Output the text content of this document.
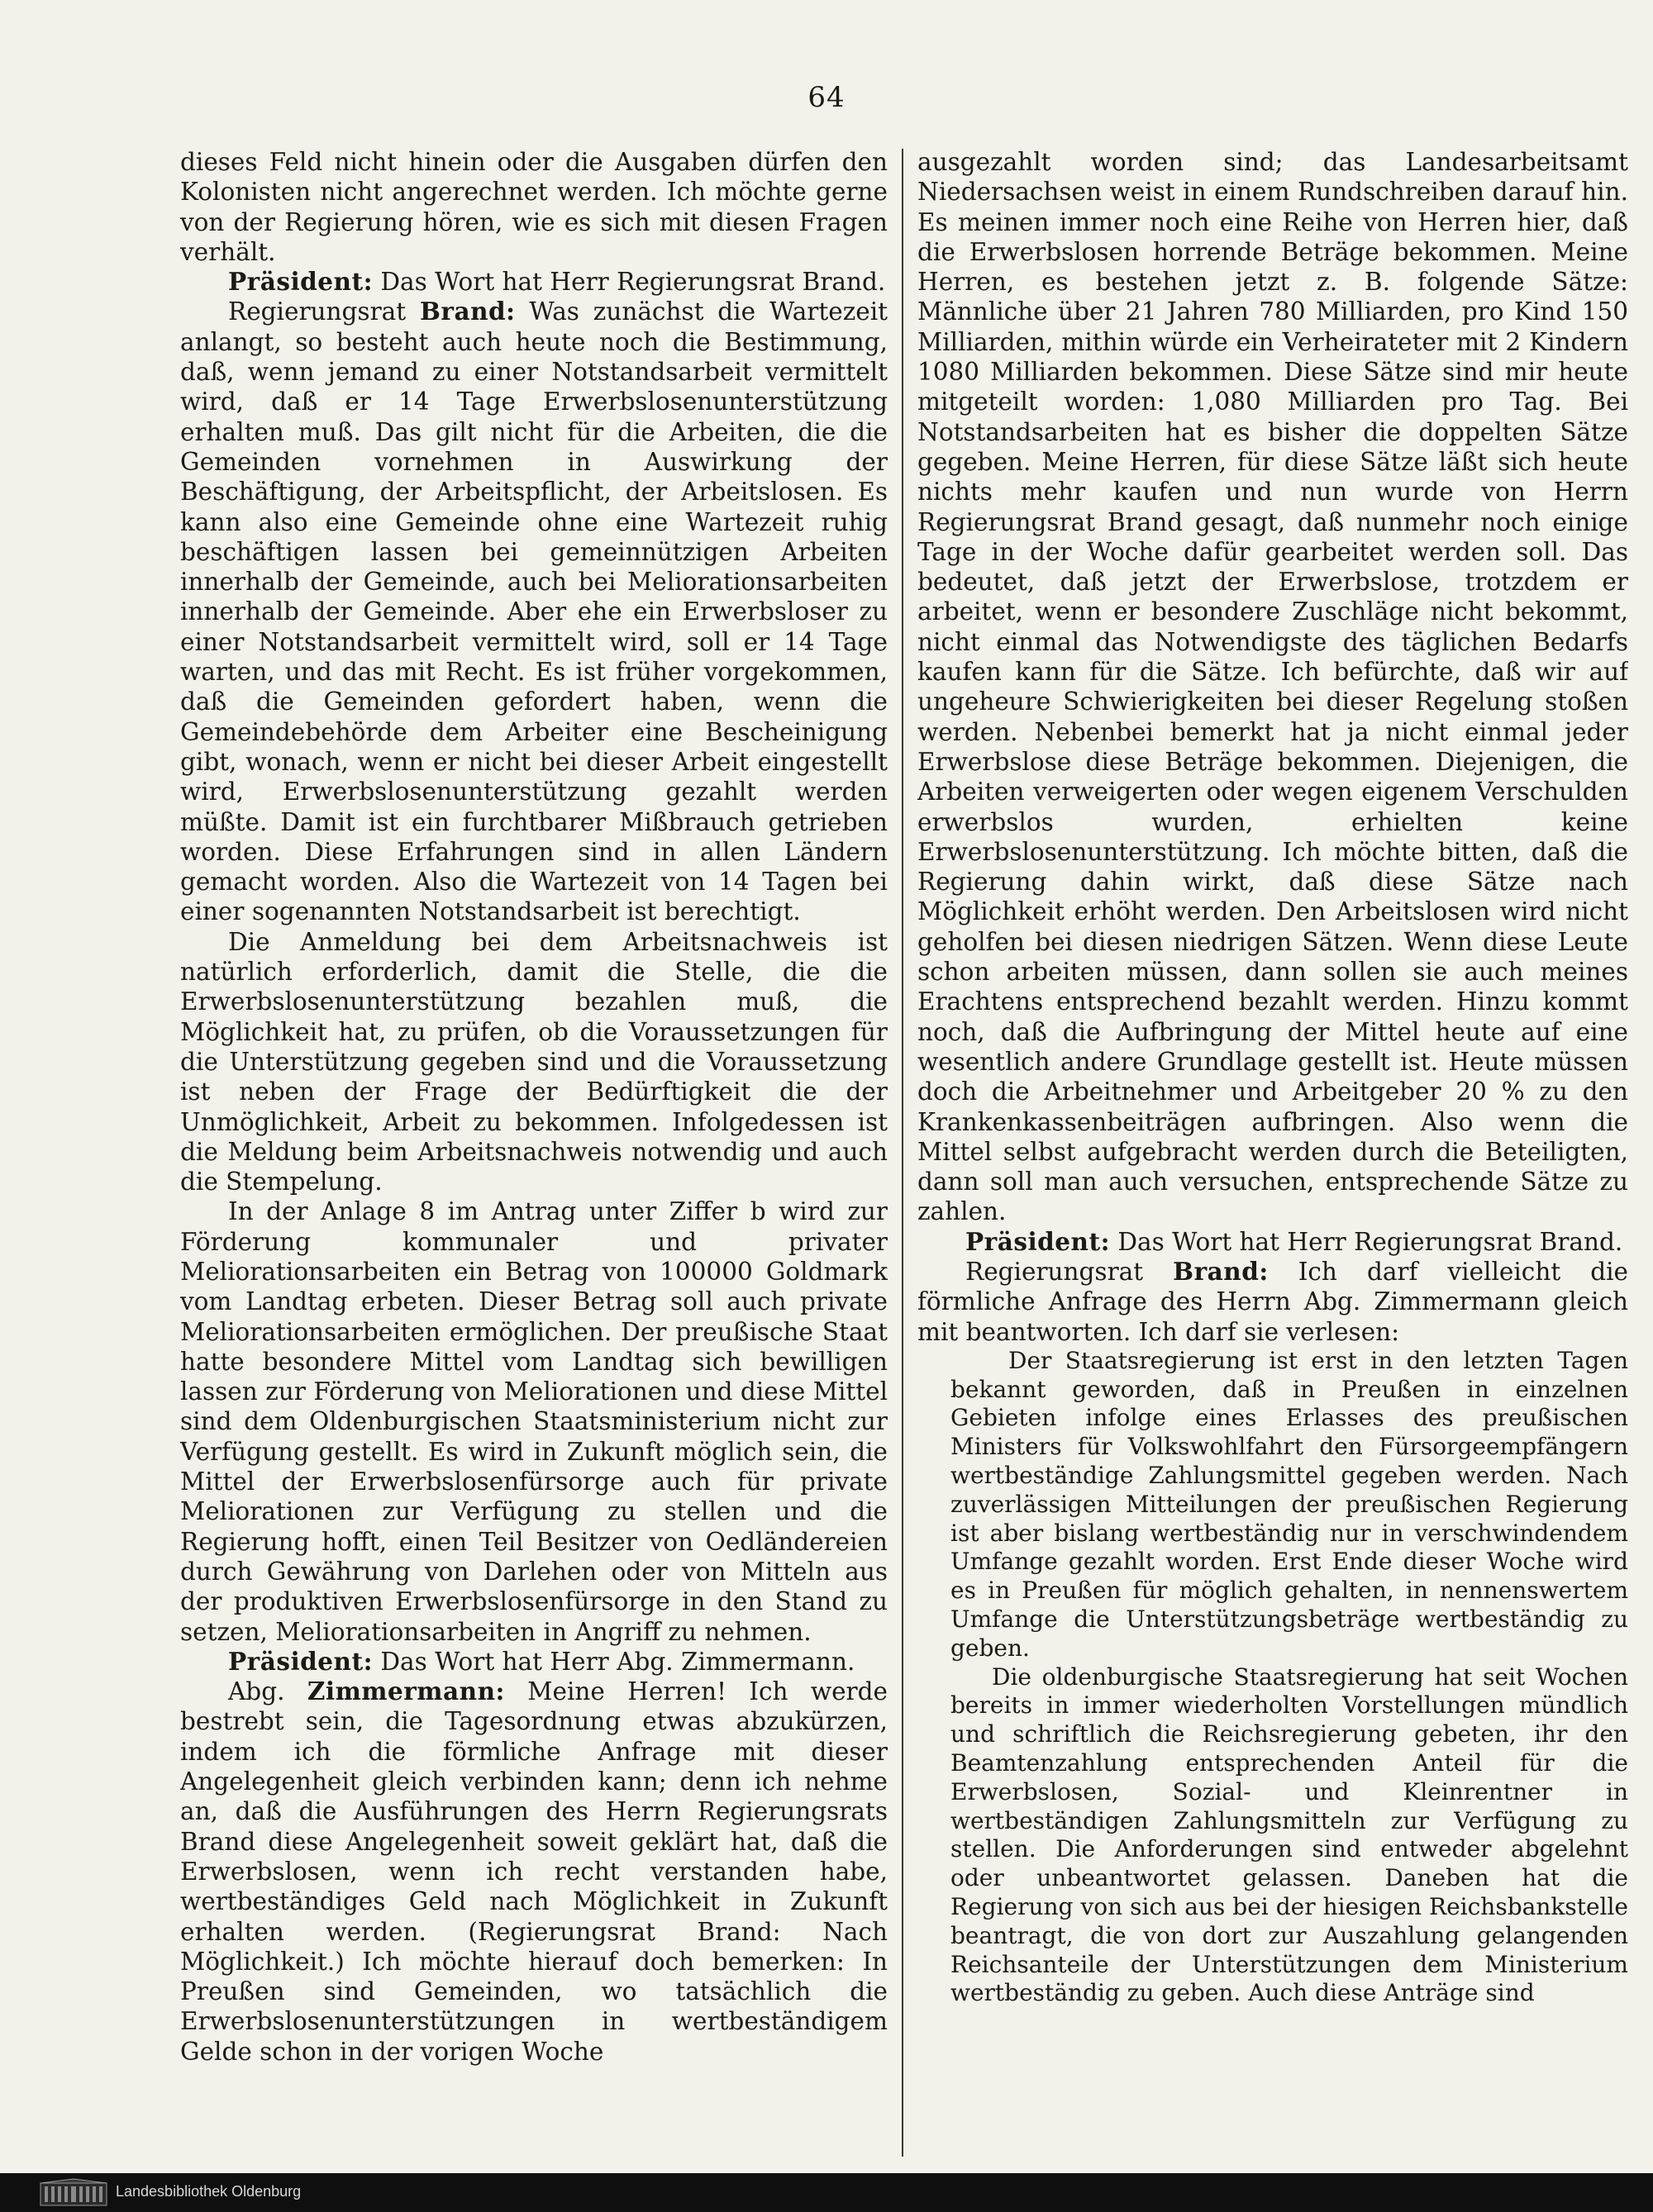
64

dieses Feld nicht hinein oder die Ausgaben dürfen den Kolonisten nicht angerechnet werden. Ich möchte gerne von der Regierung hören, wie es sich mit diesen Fragen verhält.

Präsident: Das Wort hat Herr Regierungsrat Brand.

Regierungsrat Brand: Was zunächst die Wartezeit anlangt, so besteht auch heute noch die Bestimmung, daß, wenn jemand zu einer Notstandsarbeit vermittelt wird, daß er 14 Tage Erwerbslosenunterstützung erhalten muß. Das gilt nicht für die Arbeiten, die die Gemeinden vornehmen in Auswirkung der Beschäftigung, der Arbeitspflicht, der Arbeitslosen. Es kann also eine Gemeinde ohne eine Wartezeit ruhig beschäftigen lassen bei gemeinnützigen Arbeiten innerhalb der Gemeinde, auch bei Meliorationsarbeiten innerhalb der Gemeinde. Aber ehe ein Erwerbsloser zu einer Notstandsarbeit vermittelt wird, soll er 14 Tage warten, und das mit Recht. Es ist früher vorgekommen, daß die Gemeinden gefordert haben, wenn die Gemeindebehörde dem Arbeiter eine Bescheinigung gibt, wonach, wenn er nicht bei dieser Arbeit eingestellt wird, Erwerbslosenunterstützung gezahlt werden müßte. Damit ist ein furchtbarer Mißbrauch getrieben worden. Diese Erfahrungen sind in allen Ländern gemacht worden. Also die Wartezeit von 14 Tagen bei einer sogenannten Notstandsarbeit ist berechtigt.

Die Anmeldung bei dem Arbeitsnachweis ist natürlich erforderlich, damit die Stelle, die die Erwerbslosenunterstützung bezahlen muß, die Möglichkeit hat, zu prüfen, ob die Voraussetzungen für die Unterstützung gegeben sind und die Voraussetzung ist neben der Frage der Bedürftigkeit die der Unmöglichkeit, Arbeit zu bekommen. Infolgedessen ist die Meldung beim Arbeitsnachweis notwendig und auch die Stempelung.

In der Anlage 8 im Antrag unter Ziffer b wird zur Förderung kommunaler und privater Meliorationsarbeiten ein Betrag von 100000 Goldmark vom Landtag erbeten. Dieser Betrag soll auch private Meliorationsarbeiten ermöglichen. Der preußische Staat hatte besondere Mittel vom Landtag sich bewilligen lassen zur Förderung von Meliorationen und diese Mittel sind dem Oldenburgischen Staatsministerium nicht zur Verfügung gestellt. Es wird in Zukunft möglich sein, die Mittel der Erwerbslosenfürsorge auch für private Meliorationen zur Verfügung zu stellen und die Regierung hofft, einen Teil Besitzer von Oedländereien durch Gewährung von Darlehen oder von Mitteln aus der produktiven Erwerbslosenfürsorge in den Stand zu setzen, Meliorationsarbeiten in Angriff zu nehmen.

Präsident: Das Wort hat Herr Abg. Zimmermann.

Abg. Zimmermann: Meine Herren! Ich werde bestrebt sein, die Tagesordnung etwas abzukürzen, indem ich die förmliche Anfrage mit dieser Angelegenheit gleich verbinden kann; denn ich nehme an, daß die Ausführungen des Herrn Regierungsrats Brand diese Angelegenheit soweit geklärt hat, daß die Erwerbslosen, wenn ich recht verstanden habe, wertbeständiges Geld nach Möglichkeit in Zukunft erhalten werden. (Regierungsrat Brand: Nach Möglichkeit.) Ich möchte hierauf doch bemerken: In Preußen sind Gemeinden, wo tatsächlich die Erwerbslosenunterstützungen in wertbeständigem Gelde schon in der vorigen Woche

ausgezahlt worden sind; das Landesarbeitsamt Niedersachsen weist in einem Rundschreiben darauf hin. Es meinen immer noch eine Reihe von Herren hier, daß die Erwerbslosen horrende Beträge bekommen. Meine Herren, es bestehen jetzt z. B. folgende Sätze: Männliche über 21 Jahren 780 Milliarden, pro Kind 150 Milliarden, mithin würde ein Verheirateter mit 2 Kindern 1080 Milliarden bekommen. Diese Sätze sind mir heute mitgeteilt worden: 1,080 Milliarden pro Tag. Bei Notstandsarbeiten hat es bisher die doppelten Sätze gegeben. Meine Herren, für diese Sätze läßt sich heute nichts mehr kaufen und nun wurde von Herrn Regierungsrat Brand gesagt, daß nunmehr noch einige Tage in der Woche dafür gearbeitet werden soll. Das bedeutet, daß jetzt der Erwerbslose, trotzdem er arbeitet, wenn er besondere Zuschläge nicht bekommt, nicht einmal das Notwendigste des täglichen Bedarfs kaufen kann für die Sätze. Ich befürchte, daß wir auf ungeheure Schwierigkeiten bei dieser Regelung stoßen werden. Nebenbei bemerkt hat ja nicht einmal jeder Erwerbslose diese Beträge bekommen. Diejenigen, die Arbeiten verweigerten oder wegen eigenem Verschulden erwerbslos wurden, erhielten keine Erwerbslosenunterstützung. Ich möchte bitten, daß die Regierung dahin wirkt, daß diese Sätze nach Möglichkeit erhöht werden. Den Arbeitslosen wird nicht geholfen bei diesen niedrigen Sätzen. Wenn diese Leute schon arbeiten müssen, dann sollen sie auch meines Erachtens entsprechend bezahlt werden. Hinzu kommt noch, daß die Aufbringung der Mittel heute auf eine wesentlich andere Grundlage gestellt ist. Heute müssen doch die Arbeitnehmer und Arbeitgeber 20 % zu den Krankenkassenbeiträgen aufbringen. Also wenn die Mittel selbst aufgebracht werden durch die Beteiligten, dann soll man auch versuchen, entsprechende Sätze zu zahlen.

Präsident: Das Wort hat Herr Regierungsrat Brand.

Regierungsrat Brand: Ich darf vielleicht die förmliche Anfrage des Herrn Abg. Zimmermann gleich mit beantworten. Ich darf sie verlesen:

Der Staatsregierung ist erst in den letzten Tagen bekannt geworden, daß in Preußen in einzelnen Gebieten infolge eines Erlasses des preußischen Ministers für Volkswohlfahrt den Fürsorgeempfängern wertbeständige Zahlungsmittel gegeben werden. Nach zuverlässigen Mitteilungen der preußischen Regierung ist aber bislang wertbeständig nur in verschwindendem Umfange gezahlt worden. Erst Ende dieser Woche wird es in Preußen für möglich gehalten, in nennenswertem Umfange die Unterstützungsbeträge wertbeständig zu geben.

Die oldenburgische Staatsregierung hat seit Wochen bereits in immer wiederholten Vorstellungen mündlich und schriftlich die Reichsregierung gebeten, ihr den Beamtenzahlung entsprechenden Anteil für die Erwerbslosen, Sozial- und Kleinrentner in wertbeständigen Zahlungsmitteln zur Verfügung zu stellen. Die Anforderungen sind entweder abgelehnt oder unbeantwortet gelassen. Daneben hat die Regierung von sich aus bei der hiesigen Reichsbankstelle beantragt, die von dort zur Auszahlung gelangenden Reichsanteile der Unterstützungen dem Ministerium wertbeständig zu geben. Auch diese Anträge sind

Landesbibliothek Oldenburg
